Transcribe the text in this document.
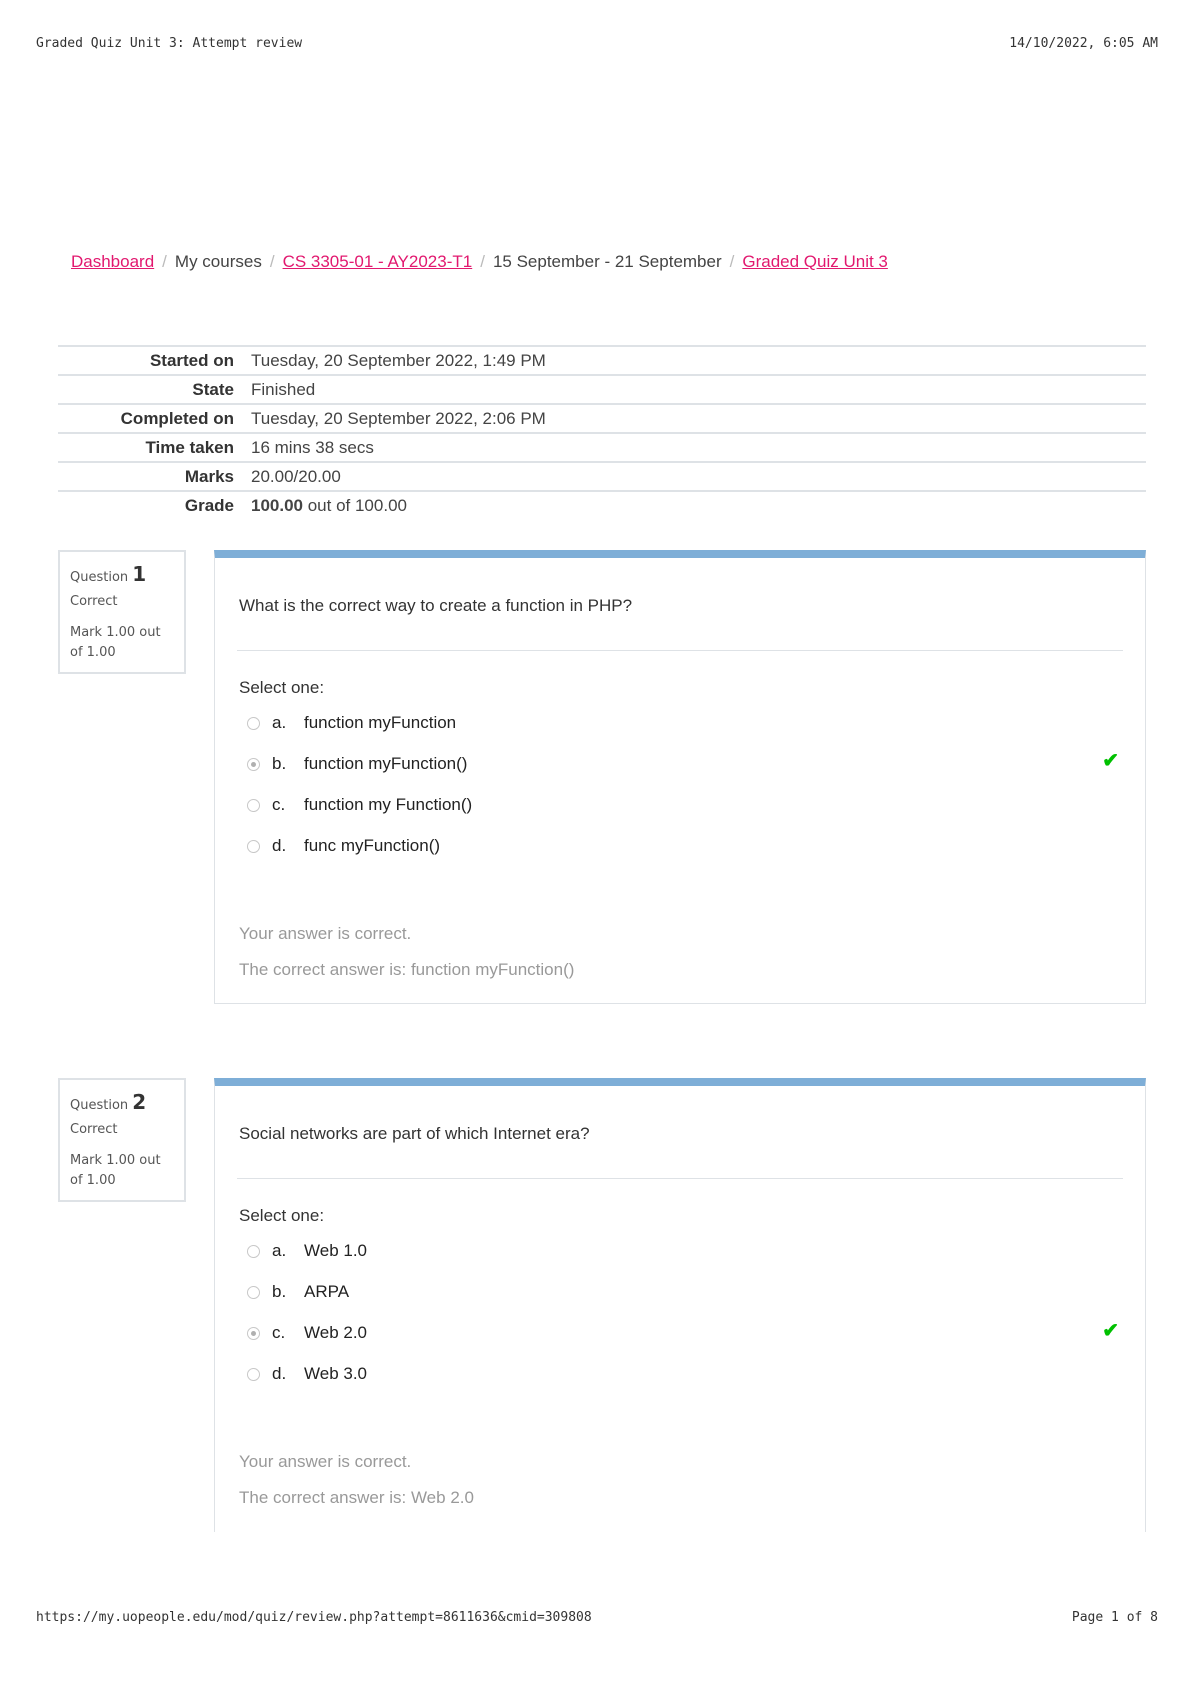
Graded Quiz Unit 3: Attempt review	14/10/2022, 6:05 AM
Dashboard / My courses / CS 3305-01 - AY2023-T1 / 15 September - 21 September / Graded Quiz Unit 3
Started on	Tuesday, 20 September 2022, 1:49 PM
State	Finished
Completed on	Tuesday, 20 September 2022, 2:06 PM
Time taken	16 mins 38 secs
Marks	20.00/20.00
Grade	100.00 out of 100.00
Question 1
Correct
Mark 1.00 out of 1.00
What is the correct way to create a function in PHP?
Select one:
a.	function myFunction
b.	function myFunction()	✔
c.	function my Function()
d.	func myFunction()
Your answer is correct.
The correct answer is: function myFunction()
Question 2
Correct
Mark 1.00 out of 1.00
Social networks are part of which Internet era?
Select one:
a.	Web 1.0
b.	ARPA
c.	Web 2.0	✔
d.	Web 3.0
Your answer is correct.
The correct answer is: Web 2.0
https://my.uopeople.edu/mod/quiz/review.php?attempt=8611636&cmid=309808	Page 1 of 8
